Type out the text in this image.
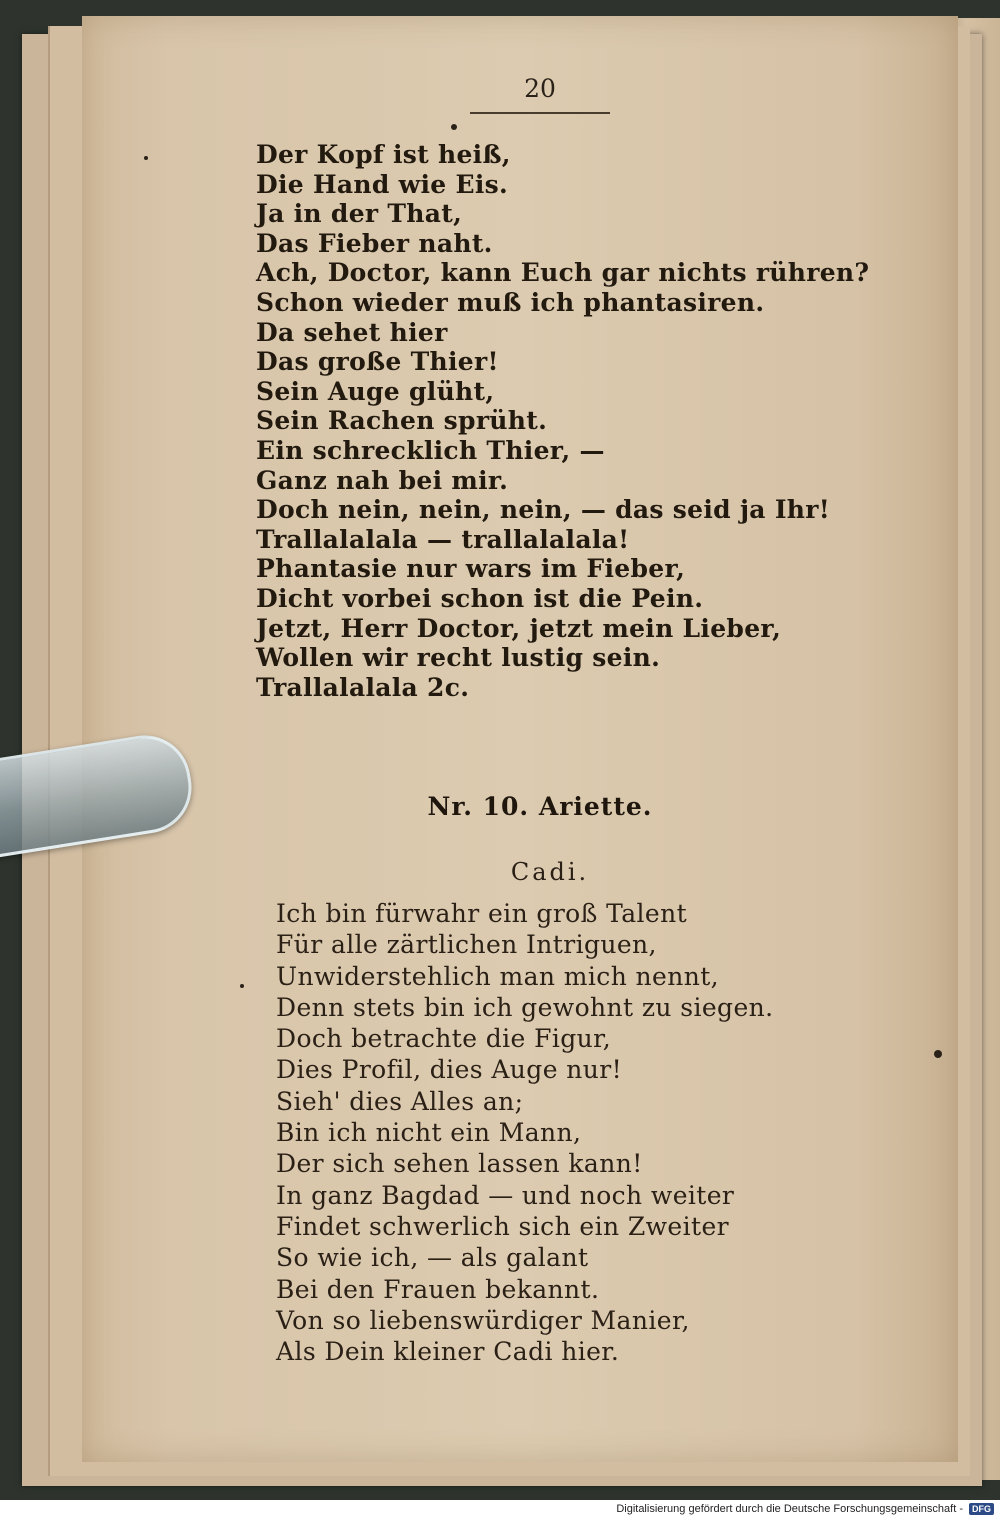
20
Der Kopf ist heiß,
Die Hand wie Eis.
Ja in der That,
Das Fieber naht.
Ach, Doctor, kann Euch gar nichts rühren?
Schon wieder muß ich phantasiren.
Da sehet hier
Das große Thier!
Sein Auge glüht,
Sein Rachen sprüht.
Ein schrecklich Thier, —
Ganz nah bei mir.
Doch nein, nein, nein, — das seid ja Ihr!
Trallalalala — trallalalala!
Phantasie nur wars im Fieber,
Dicht vorbei schon ist die Pein.
Jetzt, Herr Doctor, jetzt mein Lieber,
Wollen wir recht lustig sein.
Trallalalala 2c.
Nr. 10. Ariette.
Cadi.
Ich bin fürwahr ein groß Talent
Für alle zärtlichen Intriguen,
Unwiderstehlich man mich nennt,
Denn stets bin ich gewohnt zu siegen.
Doch betrachte die Figur,
Dies Profil, dies Auge nur!
Sieh' dies Alles an;
Bin ich nicht ein Mann,
Der sich sehen lassen kann!
In ganz Bagdad — und noch weiter
Findet schwerlich sich ein Zweiter
So wie ich, — als galant
Bei den Frauen bekannt.
Von so liebenswürdiger Manier,
Als Dein kleiner Cadi hier.
Digitalisierung gefördert durch die Deutsche Forschungsgemeinschaft - DFG
